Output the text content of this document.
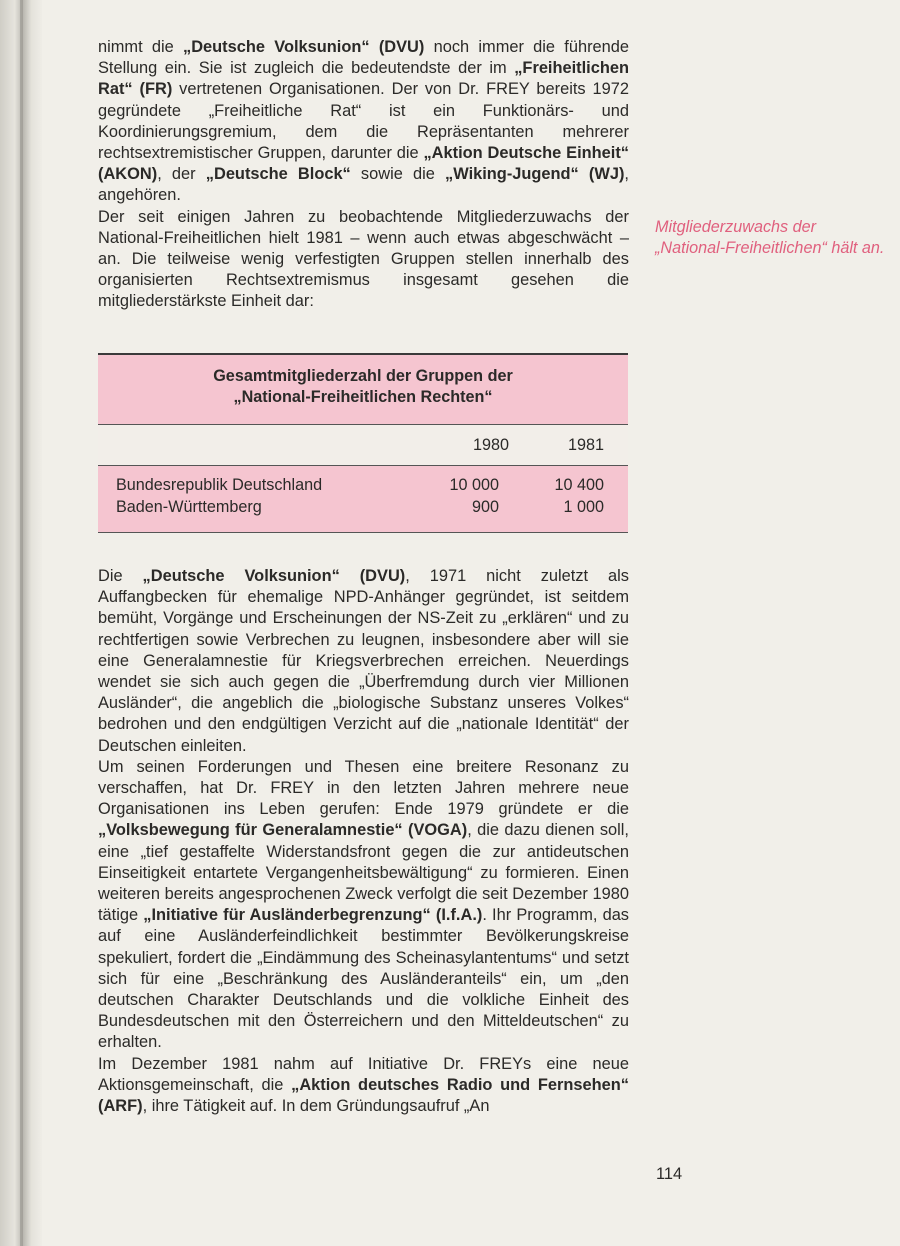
nimmt die „Deutsche Volksunion“ (DVU) noch immer die führende Stellung ein. Sie ist zugleich die bedeutendste der im „Freiheitlichen Rat“ (FR) vertretenen Organisationen. Der von Dr. FREY bereits 1972 gegründete „Freiheitliche Rat“ ist ein Funktionärs- und Koordinierungsgremium, dem die Repräsentanten mehrerer rechtsextremistischer Gruppen, darunter die „Aktion Deutsche Einheit“ (AKON), der „Deutsche Block“ sowie die „Wiking-Jugend“ (WJ), angehören.

Der seit einigen Jahren zu beobachtende Mitgliederzuwachs der National-Freiheitlichen hielt 1981 – wenn auch etwas abgeschwächt – an. Die teilweise wenig verfestigten Gruppen stellen innerhalb des organisierten Rechtsextremismus insgesamt gesehen die mitgliederstärkste Einheit dar:

Mitgliederzuwachs der „National-Freiheitlichen“ hält an.
Gesamtmitgliederzahl der Gruppen der
„National-Freiheitlichen Rechten“
1980	1981
Bundesrepublik Deutschland	10 000	10 400
Baden-Württemberg	900	1 000

Die „Deutsche Volksunion“ (DVU), 1971 nicht zuletzt als Auffangbecken für ehemalige NPD-Anhänger gegründet, ist seitdem bemüht, Vorgänge und Erscheinungen der NS-Zeit zu „erklären“ und zu rechtfertigen sowie Verbrechen zu leugnen, insbesondere aber will sie eine Generalamnestie für Kriegsverbrechen erreichen. Neuerdings wendet sie sich auch gegen die „Überfremdung durch vier Millionen Ausländer“, die angeblich die „biologische Substanz unseres Volkes“ bedrohen und den endgültigen Verzicht auf die „nationale Identität“ der Deutschen einleiten.

Um seinen Forderungen und Thesen eine breitere Resonanz zu verschaffen, hat Dr. FREY in den letzten Jahren mehrere neue Organisationen ins Leben gerufen: Ende 1979 gründete er die „Volksbewegung für Generalamnestie“ (VOGA), die dazu dienen soll, eine „tief gestaffelte Widerstandsfront gegen die zur antideutschen Einseitigkeit entartete Vergangenheitsbewältigung“ zu formieren. Einen weiteren bereits angesprochenen Zweck verfolgt die seit Dezember 1980 tätige „Initiative für Ausländerbegrenzung“ (I.f.A.). Ihr Programm, das auf eine Ausländerfeindlichkeit bestimmter Bevölkerungskreise spekuliert, fordert die „Eindämmung des Scheinasylantentums“ und setzt sich für eine „Beschränkung des Ausländeranteils“ ein, um „den deutschen Charakter Deutschlands und die volkliche Einheit des Bundesdeutschen mit den Österreichern und den Mitteldeutschen“ zu erhalten.

Im Dezember 1981 nahm auf Initiative Dr. FREYs eine neue Aktionsgemeinschaft, die „Aktion deutsches Radio und Fernsehen“ (ARF), ihre Tätigkeit auf. In dem Gründungsaufruf „An

114
